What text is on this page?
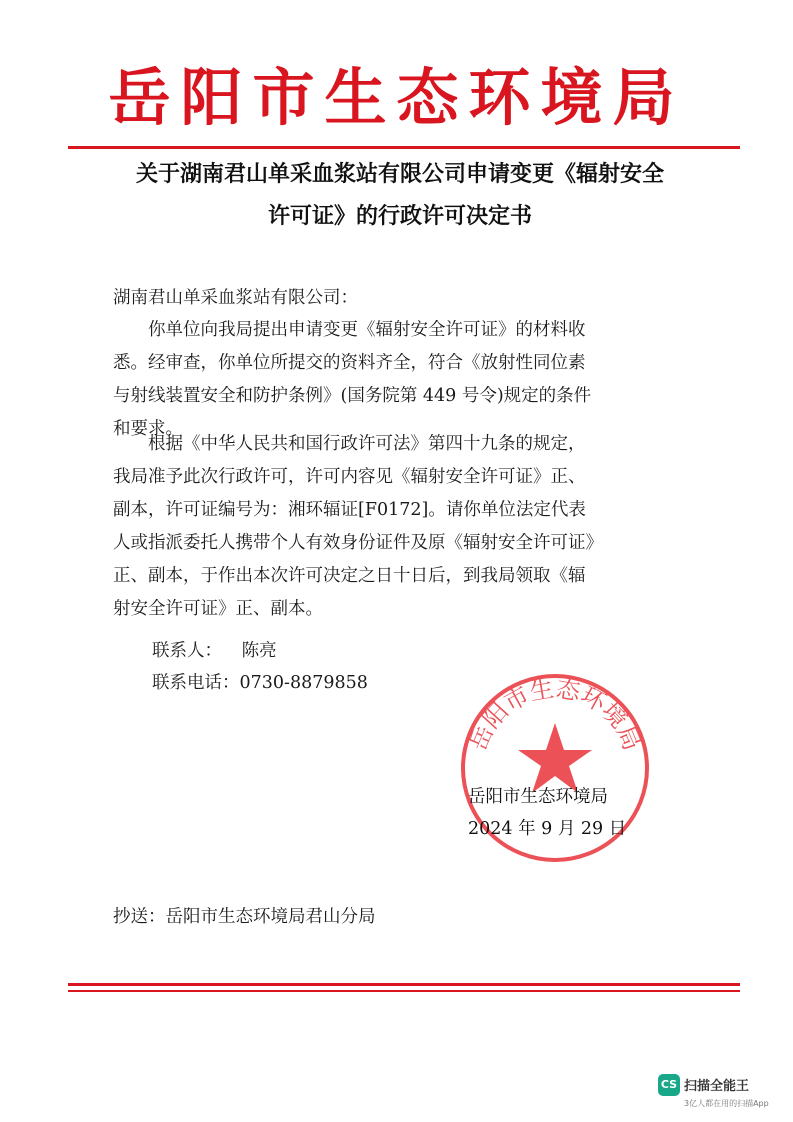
岳阳市生态环境局
关于湖南君山单采血浆站有限公司申请变更《辐射安全
许可证》的行政许可决定书
湖南君山单采血浆站有限公司：
你单位向我局提出申请变更《辐射安全许可证》的材料收
悉。经审查，你单位所提交的资料齐全，符合《放射性同位素
与射线装置安全和防护条例》(国务院第 449 号令)规定的条件
和要求。
根据《中华人民共和国行政许可法》第四十九条的规定，
我局准予此次行政许可，许可内容见《辐射安全许可证》正、
副本，许可证编号为：湘环辐证[F0172]。请你单位法定代表
人或指派委托人携带个人有效身份证件及原《辐射安全许可证》
正、副本，于作出本次许可决定之日十日后，到我局领取《辐
射安全许可证》正、副本。
联系人： 陈亮
联系电话：0730-8879858
岳阳市生态环境局
岳阳市生态环境局
2024 年 9 月 29 日
抄送：岳阳市生态环境局君山分局
CS 扫描全能王
3亿人都在用的扫描App
